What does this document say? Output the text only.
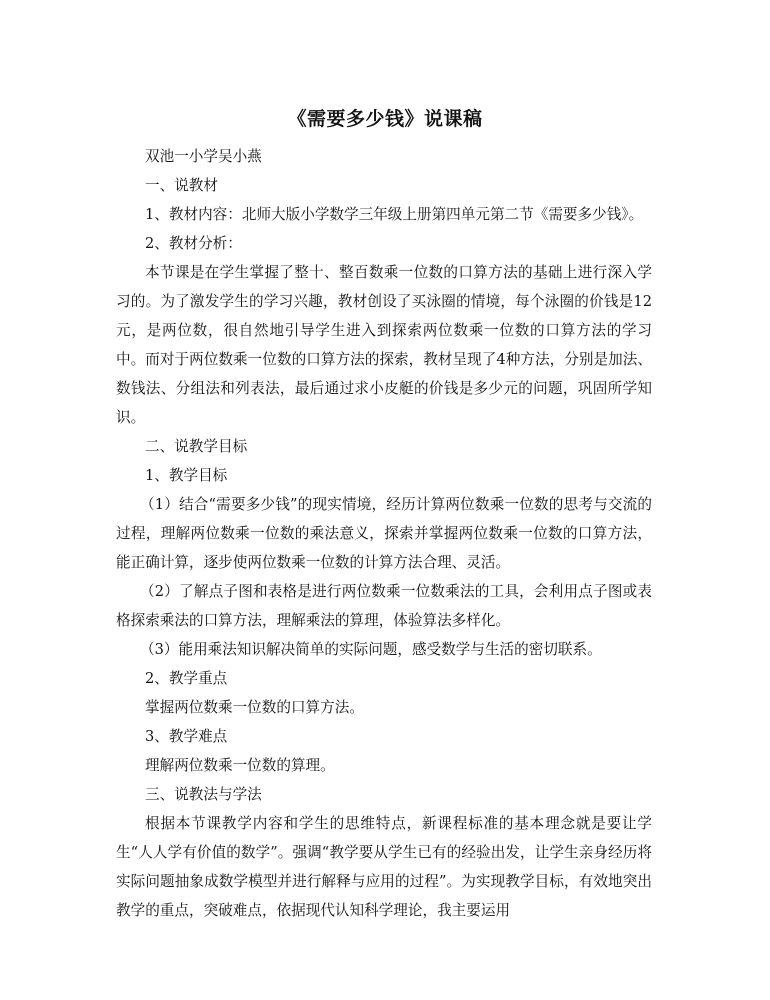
《需要多少钱》说课稿

双池一小学吴小燕

一、说教材

1、教材内容：北师大版小学数学三年级上册第四单元第二节《需要多少钱》。

2、教材分析：

本节课是在学生掌握了整十、整百数乘一位数的口算方法的基础上进行深入学习的。为了激发学生的学习兴趣，教材创设了买泳圈的情境，每个泳圈的价钱是12元，是两位数，很自然地引导学生进入到探索两位数乘一位数的口算方法的学习中。而对于两位数乘一位数的口算方法的探索，教材呈现了4种方法，分别是加法、数钱法、分组法和列表法，最后通过求小皮艇的价钱是多少元的问题，巩固所学知识。

二、说教学目标

1、教学目标

（1）结合“需要多少钱”的现实情境，经历计算两位数乘一位数的思考与交流的过程，理解两位数乘一位数的乘法意义，探索并掌握两位数乘一位数的口算方法，能正确计算，逐步使两位数乘一位数的计算方法合理、灵活。

（2）了解点子图和表格是进行两位数乘一位数乘法的工具，会利用点子图或表格探索乘法的口算方法，理解乘法的算理，体验算法多样化。

（3）能用乘法知识解决简单的实际问题，感受数学与生活的密切联系。

2、教学重点

掌握两位数乘一位数的口算方法。

3、教学难点

理解两位数乘一位数的算理。

三、说教法与学法

根据本节课教学内容和学生的思维特点，新课程标准的基本理念就是要让学生“人人学有价值的数学”。强调“教学要从学生已有的经验出发，让学生亲身经历将实际问题抽象成数学模型并进行解释与应用的过程”。为实现教学目标，有效地突出教学的重点，突破难点，依据现代认知科学理论，我主要运用
